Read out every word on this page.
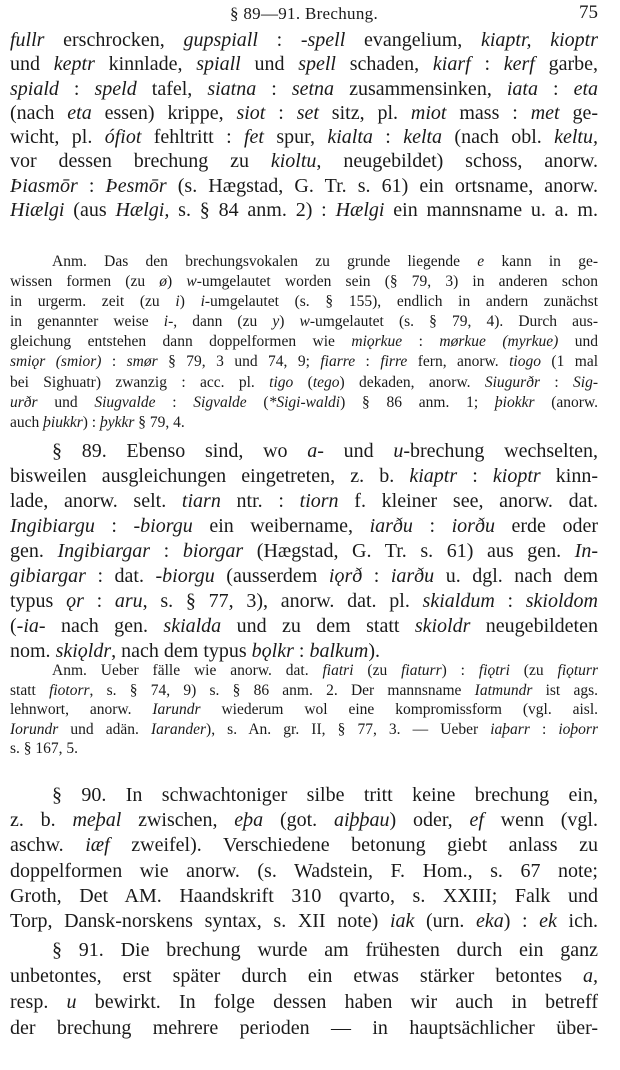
§ 89—91. Brechung.	75
fullr erschrocken, gupspiall : -spell evangelium, kiaptr, kioptr
und keptr kinnlade, spiall und spell schaden, kiarf : kerf garbe,
spiald : speld tafel, siatna : setna zusammensinken, iata : eta
(nach eta essen) krippe, siot : set sitz, pl. miot mass : met ge-
wicht, pl. ófiot fehltritt : fet spur, kialta : kelta (nach obl. keltu,
vor dessen brechung zu kioltu, neugebildet) schoss, anorw.
Þiasmōr : Þesmōr (s. Hægstad, G. Tr. s. 61) ein ortsname, anorw.
Hiælgi (aus Hælgi, s. § 84 anm. 2) : Hælgi ein mannsname u. a. m.
Anm. Das den brechungsvokalen zu grunde liegende e kann in ge-
wissen formen (zu ø) w-umgelautet worden sein (§ 79, 3) in anderen schon
in urgerm. zeit (zu i) i-umgelautet (s. § 155), endlich in andern zunächst
in genannter weise i-, dann (zu y) w-umgelautet (s. § 79, 4). Durch aus-
gleichung entstehen dann doppelformen wie miǫrkue : mørkue (myrkue) und
smiǫr (smior) : smør § 79, 3 und 74, 9; fiarre : firre fern, anorw. tiogo (1 mal
bei Sighuatr) zwanzig : acc. pl. tigo (tego) dekaden, anorw. Siugurðr : Sig-
urðr und Siugvalde : Sigvalde (*Sigi-waldi) § 86 anm. 1; þiokkr (anorw.
auch þiukkr) : þykkr § 79, 4.
§ 89. Ebenso sind, wo a- und u-brechung wechselten,
bisweilen ausgleichungen eingetreten, z. b. kiaptr : kioptr kinn-
lade, anorw. selt. tiarn ntr. : tiorn f. kleiner see, anorw. dat.
Ingibiargu : -biorgu ein weibername, iarðu : iorðu erde oder
gen. Ingibiargar : biorgar (Hægstad, G. Tr. s. 61) aus gen. In-
gibiargar : dat. -biorgu (ausserdem iǫrð : iarðu u. dgl. nach dem
typus ǫr : aru, s. § 77, 3), anorw. dat. pl. skialdum : skioldom
(-ia- nach gen. skialda und zu dem statt skioldr neugebildeten
nom. skiǫldr, nach dem typus bǫlkr : balkum).
Anm. Ueber fälle wie anorw. dat. fiatri (zu fiaturr) : fiǫtri (zu fiǫturr
statt fiotorr, s. § 74, 9) s. § 86 anm. 2. Der mannsname Iatmundr ist ags.
lehnwort, anorw. Iarundr wiederum wol eine kompromissform (vgl. aisl.
Iorundr und adän. Iarander), s. An. gr. II, § 77, 3. — Ueber iaþarr : ioþorr
s. § 167, 5.
§ 90. In schwachtoniger silbe tritt keine brechung ein,
z. b. meþal zwischen, eþa (got. aiþþau) oder, ef wenn (vgl.
aschw. iæf zweifel). Verschiedene betonung giebt anlass zu
doppelformen wie anorw. (s. Wadstein, F. Hom., s. 67 note;
Groth, Det AM. Haandskrift 310 qvarto, s. XXIII; Falk und
Torp, Dansk-norskens syntax, s. XII note) iak (urn. eka) : ek ich.
§ 91. Die brechung wurde am frühesten durch ein ganz
unbetontes, erst später durch ein etwas stärker betontes a,
resp. u bewirkt. In folge dessen haben wir auch in betreff
der brechung mehrere perioden — in hauptsächlicher über-
